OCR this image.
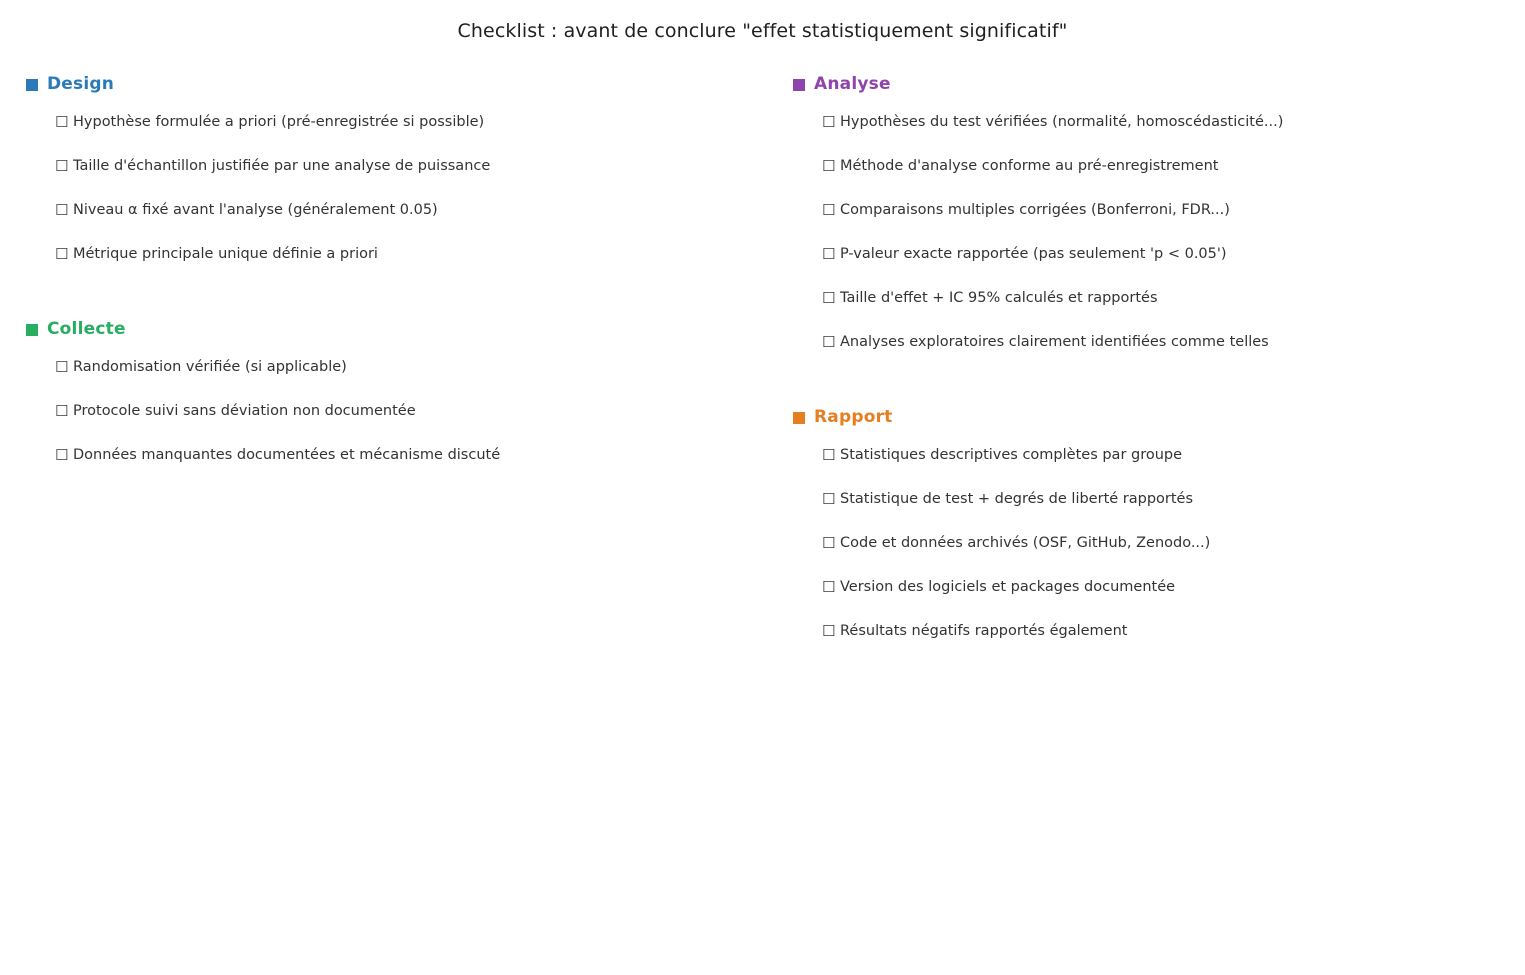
Checklist : avant de conclure "effet statistiquement significatif"
Design
☐ Hypothèse formulée a priori (pré-enregistrée si possible)
☐ Taille d'échantillon justifiée par une analyse de puissance
☐ Niveau α fixé avant l'analyse (généralement 0.05)
☐ Métrique principale unique définie a priori
Collecte
☐ Randomisation vérifiée (si applicable)
☐ Protocole suivi sans déviation non documentée
☐ Données manquantes documentées et mécanisme discuté
Analyse
☐ Hypothèses du test vérifiées (normalité, homoscédasticité...)
☐ Méthode d'analyse conforme au pré-enregistrement
☐ Comparaisons multiples corrigées (Bonferroni, FDR...)
☐ P-valeur exacte rapportée (pas seulement 'p < 0.05')
☐ Taille d'effet + IC 95% calculés et rapportés
☐ Analyses exploratoires clairement identifiées comme telles
Rapport
☐ Statistiques descriptives complètes par groupe
☐ Statistique de test + degrés de liberté rapportés
☐ Code et données archivés (OSF, GitHub, Zenodo...)
☐ Version des logiciels et packages documentée
☐ Résultats négatifs rapportés également
